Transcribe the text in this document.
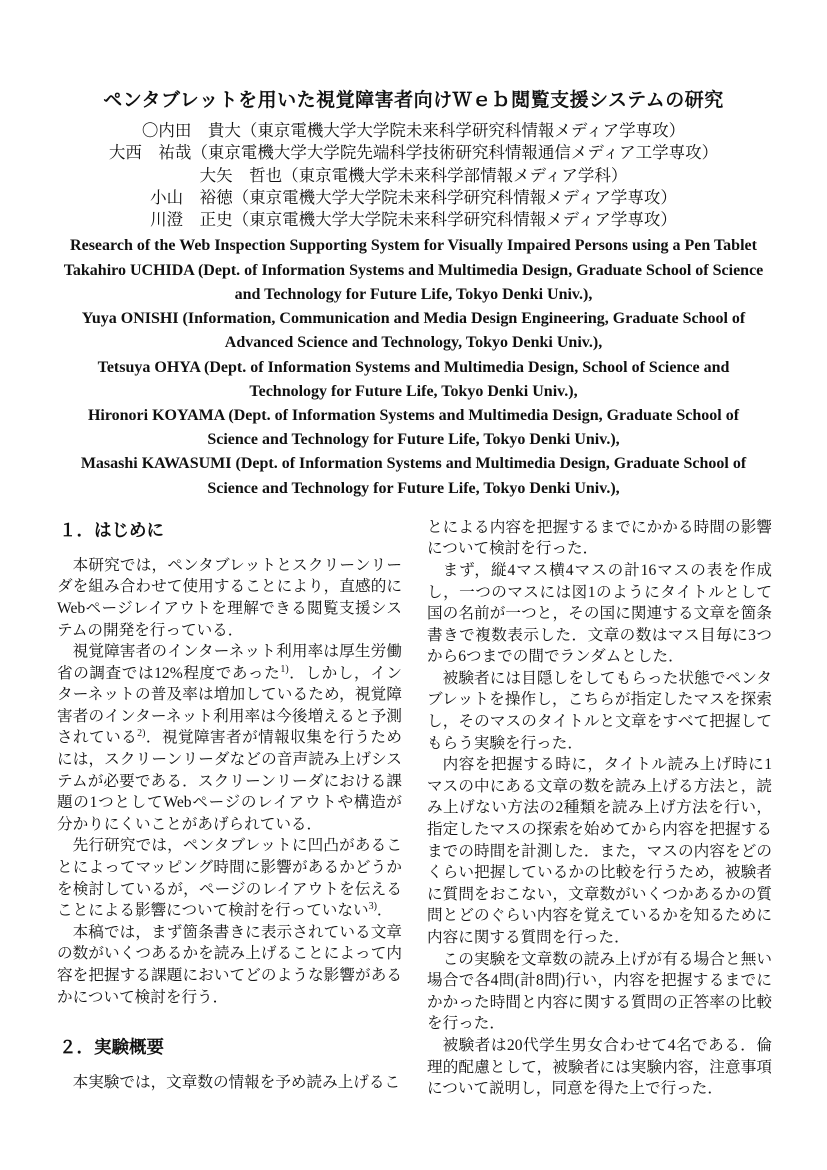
ペンタブレットを用いた視覚障害者向けＷｅｂ閲覧支援システムの研究
〇内田　貴大（東京電機大学大学院未来科学研究科情報メディア学専攻）
大西　祐哉（東京電機大学大学院先端科学技術研究科情報通信メディア工学専攻）
大矢　哲也（東京電機大学未来科学部情報メディア学科）
小山　裕徳（東京電機大学大学院未来科学研究科情報メディア学専攻）
川澄　正史（東京電機大学大学院未来科学研究科情報メディア学専攻）
Research of the Web Inspection Supporting System for Visually Impaired Persons using a Pen Tablet
Takahiro UCHIDA (Dept. of Information Systems and Multimedia Design, Graduate School of Science and Technology for Future Life, Tokyo Denki Univ.),
Yuya ONISHI (Information, Communication and Media Design Engineering, Graduate School of Advanced Science and Technology, Tokyo Denki Univ.),
Tetsuya OHYA (Dept. of Information Systems and Multimedia Design, School of Science and Technology for Future Life, Tokyo Denki Univ.),
Hironori KOYAMA (Dept. of Information Systems and Multimedia Design, Graduate School of Science and Technology for Future Life, Tokyo Denki Univ.),
Masashi KAWASUMI (Dept. of Information Systems and Multimedia Design, Graduate School of Science and Technology for Future Life, Tokyo Denki Univ.),
１．はじめに

本研究では，ペンタブレットとスクリーンリーダを組み合わせて使用することにより，直感的にWebページレイアウトを理解できる閲覧支援システムの開発を行っている．

視覚障害者のインターネット利用率は厚生労働省の調査では12%程度であった$^{1)}$．しかし，インターネットの普及率は増加しているため，視覚障害者のインターネット利用率は今後増えると予測されている$^{2)}$．視覚障害者が情報収集を行うためには，スクリーンリーダなどの音声読み上げシステムが必要である．スクリーンリーダにおける課題の1つとしてWebページのレイアウトや構造が分かりにくいことがあげられている．

先行研究では，ペンタブレットに凹凸があることによってマッピング時間に影響があるかどうかを検討しているが，ページのレイアウトを伝えることによる影響について検討を行っていない$^{3)}$．

本稿では，まず箇条書きに表示されている文章の数がいくつあるかを読み上げることによって内容を把握する課題においてどのような影響があるかについて検討を行う．

２．実験概要

本実験では，文章数の情報を予め読み上げるこ

とによる内容を把握するまでにかかる時間の影響について検討を行った．

まず，縦4マス横4マスの計16マスの表を作成し，一つのマスには図1のようにタイトルとして国の名前が一つと，その国に関連する文章を箇条書きで複数表示した．文章の数はマス目毎に3つから6つまでの間でランダムとした．

被験者には目隠しをしてもらった状態でペンタブレットを操作し，こちらが指定したマスを探索し，そのマスのタイトルと文章をすべて把握してもらう実験を行った．

内容を把握する時に，タイトル読み上げ時に1マスの中にある文章の数を読み上げる方法と，読み上げない方法の2種類を読み上げ方法を行い，指定したマスの探索を始めてから内容を把握するまでの時間を計測した．また，マスの内容をどのくらい把握しているかの比較を行うため，被験者に質問をおこない，文章数がいくつかあるかの質問とどのぐらい内容を覚えているかを知るために内容に関する質問を行った．

この実験を文章数の読み上げが有る場合と無い場合で各4問(計8問)行い，内容を把握するまでにかかった時間と内容に関する質問の正答率の比較を行った．

被験者は20代学生男女合わせて4名である．倫理的配慮として，被験者には実験内容，注意事項について説明し，同意を得た上で行った．
